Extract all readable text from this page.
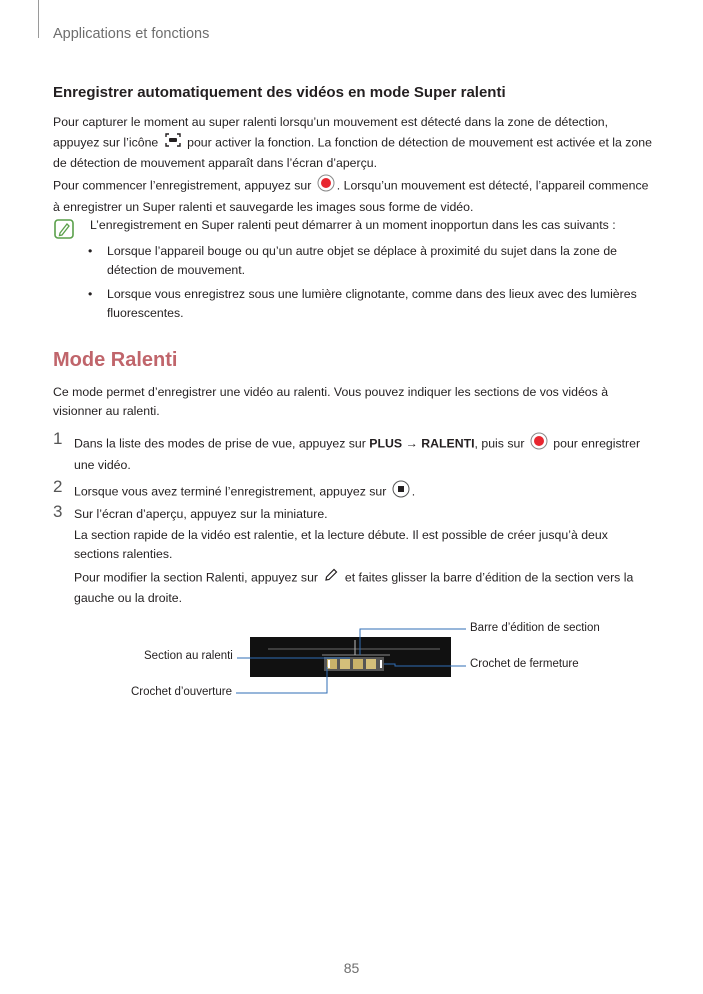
Applications et fonctions
Enregistrer automatiquement des vidéos en mode Super ralenti
Pour capturer le moment au super ralenti lorsqu’un mouvement est détecté dans la zone de détection, appuyez sur l’icône pour activer la fonction. La fonction de détection de mouvement est activée et la zone de détection de mouvement apparaît dans l’écran d’aperçu.
Pour commencer l’enregistrement, appuyez sur . Lorsqu’un mouvement est détecté, l’appareil commence à enregistrer un Super ralenti et sauvegarde les images sous forme de vidéo.
L’enregistrement en Super ralenti peut démarrer à un moment inopportun dans les cas suivants :
• Lorsque l’appareil bouge ou qu’un autre objet se déplace à proximité du sujet dans la zone de détection de mouvement.
• Lorsque vous enregistrez sous une lumière clignotante, comme dans des lieux avec des lumières fluorescentes.
Mode Ralenti
Ce mode permet d’enregistrer une vidéo au ralenti. Vous pouvez indiquer les sections de vos vidéos à visionner au ralenti.
1 Dans la liste des modes de prise de vue, appuyez sur PLUS → RALENTI, puis sur pour enregistrer une vidéo.
2 Lorsque vous avez terminé l’enregistrement, appuyez sur .
3 Sur l’écran d’aperçu, appuyez sur la miniature.
La section rapide de la vidéo est ralentie, et la lecture débute. Il est possible de créer jusqu’à deux sections ralenties.
Pour modifier la section Ralenti, appuyez sur et faites glisser la barre d’édition de la section vers la gauche ou la droite.
Barre d’édition de section
Section au ralenti
Crochet de fermeture
Crochet d’ouverture
85
